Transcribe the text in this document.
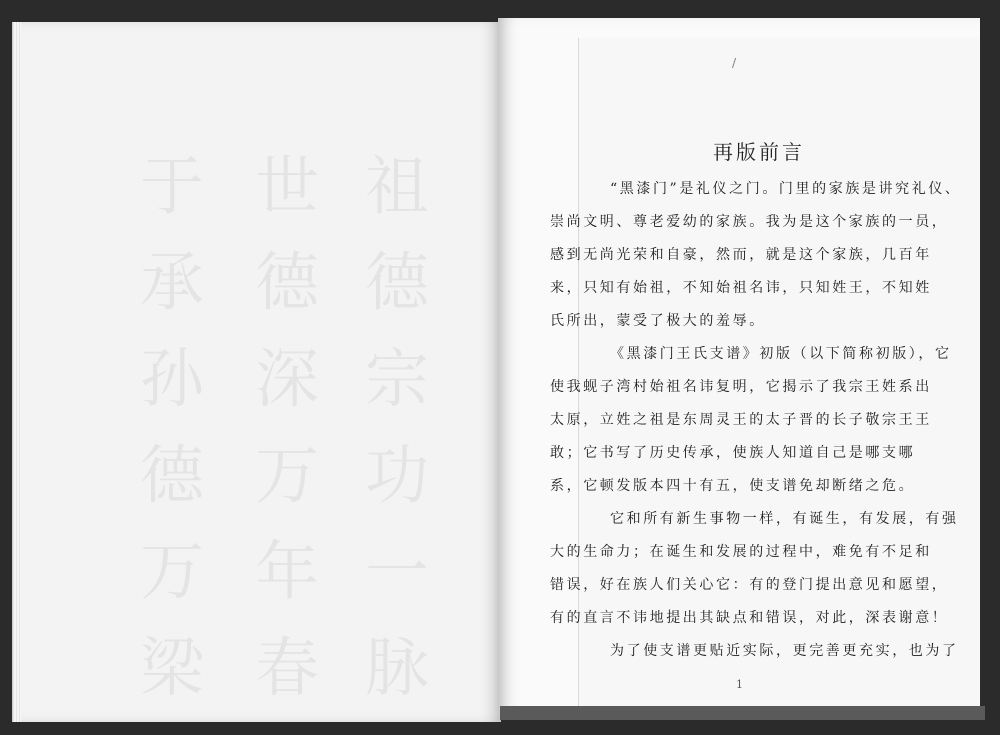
于 承 孙 德 万 梁 世 德 深 万 年 春 祖 德 宗 功 一 脉
/
再版前言
“黑漆门”是礼仪之门。门里的家族是讲究礼仪、
崇尚文明、尊老爱幼的家族。我为是这个家族的一员，
感到无尚光荣和自豪，然而，就是这个家族，几百年
来，只知有始祖，不知始祖名讳，只知姓王，不知姓
氏所出，蒙受了极大的羞辱。
《黑漆门王氏支谱》初版（以下简称初版），它
使我蚬子湾村始祖名讳复明，它揭示了我宗王姓系出
太原，立姓之祖是东周灵王的太子晋的长子敬宗王王
敢；它书写了历史传承，使族人知道自己是哪支哪
系，它顿发版本四十有五，使支谱免却断绪之危。
它和所有新生事物一样，有诞生，有发展，有强
大的生命力；在诞生和发展的过程中，难免有不足和
错误，好在族人们关心它：有的登门提出意见和愿望，
有的直言不讳地提出其缺点和错误，对此，深表谢意！
为了使支谱更贴近实际，更完善更充实，也为了
1
